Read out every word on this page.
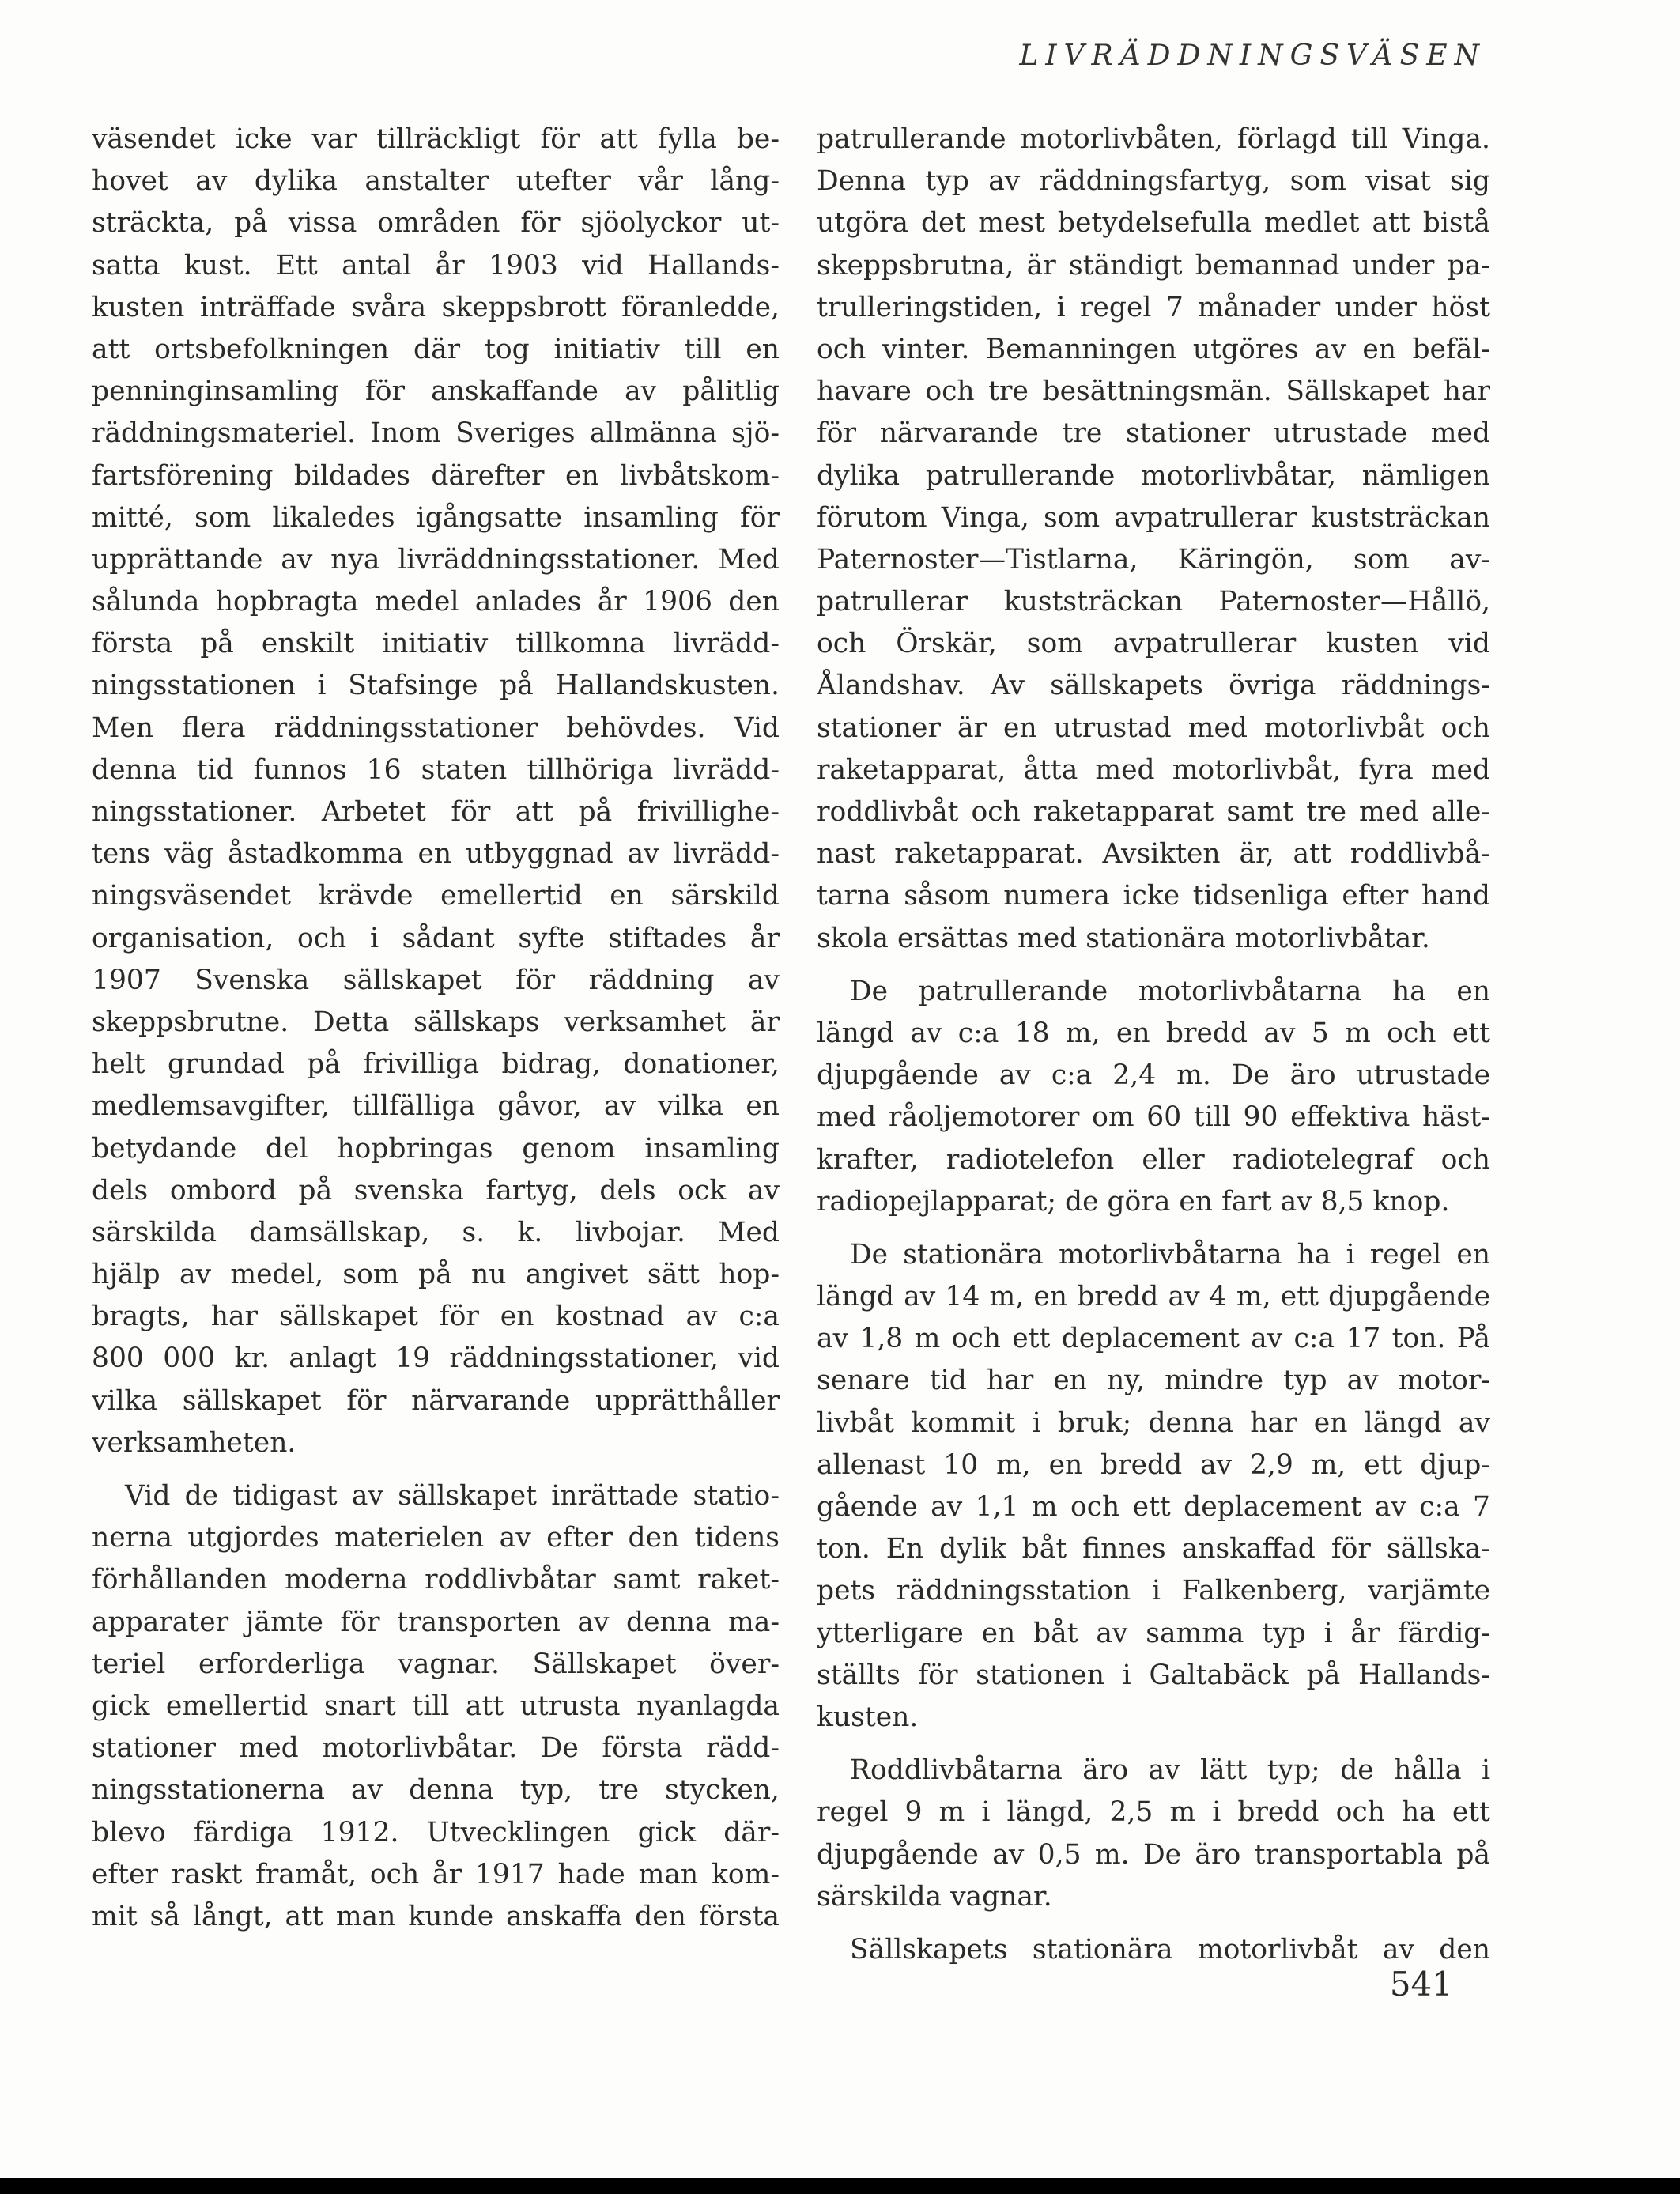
LIVRÄDDNINGSVÄSEN
väsendet icke var tillräckligt för att fylla be-
hovet av dylika anstalter utefter vår lång-
sträckta, på vissa områden för sjöolyckor ut-
satta kust. Ett antal år 1903 vid Hallands-
kusten inträffade svåra skeppsbrott föranledde,
att ortsbefolkningen där tog initiativ till en
penninginsamling för anskaffande av pålitlig
räddningsmateriel. Inom Sveriges allmänna sjö-
fartsförening bildades därefter en livbåtskom-
mitté, som likaledes igångsatte insamling för
upprättande av nya livräddningsstationer. Med
sålunda hopbragta medel anlades år 1906 den
första på enskilt initiativ tillkomna livrädd-
ningsstationen i Stafsinge på Hallandskusten.
Men flera räddningsstationer behövdes. Vid
denna tid funnos 16 staten tillhöriga livrädd-
ningsstationer. Arbetet för att på frivillighe-
tens väg åstadkomma en utbyggnad av livrädd-
ningsväsendet krävde emellertid en särskild
organisation, och i sådant syfte stiftades år
1907 Svenska sällskapet för räddning av
skeppsbrutne. Detta sällskaps verksamhet är
helt grundad på frivilliga bidrag, donationer,
medlemsavgifter, tillfälliga gåvor, av vilka en
betydande del hopbringas genom insamling
dels ombord på svenska fartyg, dels ock av
särskilda damsällskap, s. k. livbojar. Med
hjälp av medel, som på nu angivet sätt hop-
bragts, har sällskapet för en kostnad av c:a
800 000 kr. anlagt 19 räddningsstationer, vid
vilka sällskapet för närvarande upprätthåller
verksamheten.
Vid de tidigast av sällskapet inrättade statio-
nerna utgjordes materielen av efter den tidens
förhållanden moderna roddlivbåtar samt raket-
apparater jämte för transporten av denna ma-
teriel erforderliga vagnar. Sällskapet över-
gick emellertid snart till att utrusta nyanlagda
stationer med motorlivbåtar. De första rädd-
ningsstationerna av denna typ, tre stycken,
blevo färdiga 1912. Utvecklingen gick där-
efter raskt framåt, och år 1917 hade man kom-
mit så långt, att man kunde anskaffa den första
patrullerande motorlivbåten, förlagd till Vinga.
Denna typ av räddningsfartyg, som visat sig
utgöra det mest betydelsefulla medlet att bistå
skeppsbrutna, är ständigt bemannad under pa-
trulleringstiden, i regel 7 månader under höst
och vinter. Bemanningen utgöres av en befäl-
havare och tre besättningsmän. Sällskapet har
för närvarande tre stationer utrustade med
dylika patrullerande motorlivbåtar, nämligen
förutom Vinga, som avpatrullerar kuststräckan
Paternoster—Tistlarna, Käringön, som av-
patrullerar kuststräckan Paternoster—Hållö,
och Örskär, som avpatrullerar kusten vid
Ålandshav. Av sällskapets övriga räddnings-
stationer är en utrustad med motorlivbåt och
raketapparat, åtta med motorlivbåt, fyra med
roddlivbåt och raketapparat samt tre med alle-
nast raketapparat. Avsikten är, att roddlivbå-
tarna såsom numera icke tidsenliga efter hand
skola ersättas med stationära motorlivbåtar.
De patrullerande motorlivbåtarna ha en
längd av c:a 18 m, en bredd av 5 m och ett
djupgående av c:a 2,4 m. De äro utrustade
med råoljemotorer om 60 till 90 effektiva häst-
krafter, radiotelefon eller radiotelegraf och
radiopejlapparat; de göra en fart av 8,5 knop.
De stationära motorlivbåtarna ha i regel en
längd av 14 m, en bredd av 4 m, ett djupgående
av 1,8 m och ett deplacement av c:a 17 ton. På
senare tid har en ny, mindre typ av motor-
livbåt kommit i bruk; denna har en längd av
allenast 10 m, en bredd av 2,9 m, ett djup-
gående av 1,1 m och ett deplacement av c:a 7
ton. En dylik båt finnes anskaffad för sällska-
pets räddningsstation i Falkenberg, varjämte
ytterligare en båt av samma typ i år färdig-
ställts för stationen i Galtabäck på Hallands-
kusten.
Roddlivbåtarna äro av lätt typ; de hålla i
regel 9 m i längd, 2,5 m i bredd och ha ett
djupgående av 0,5 m. De äro transportabla på
särskilda vagnar.
Sällskapets stationära motorlivbåt av den
541
